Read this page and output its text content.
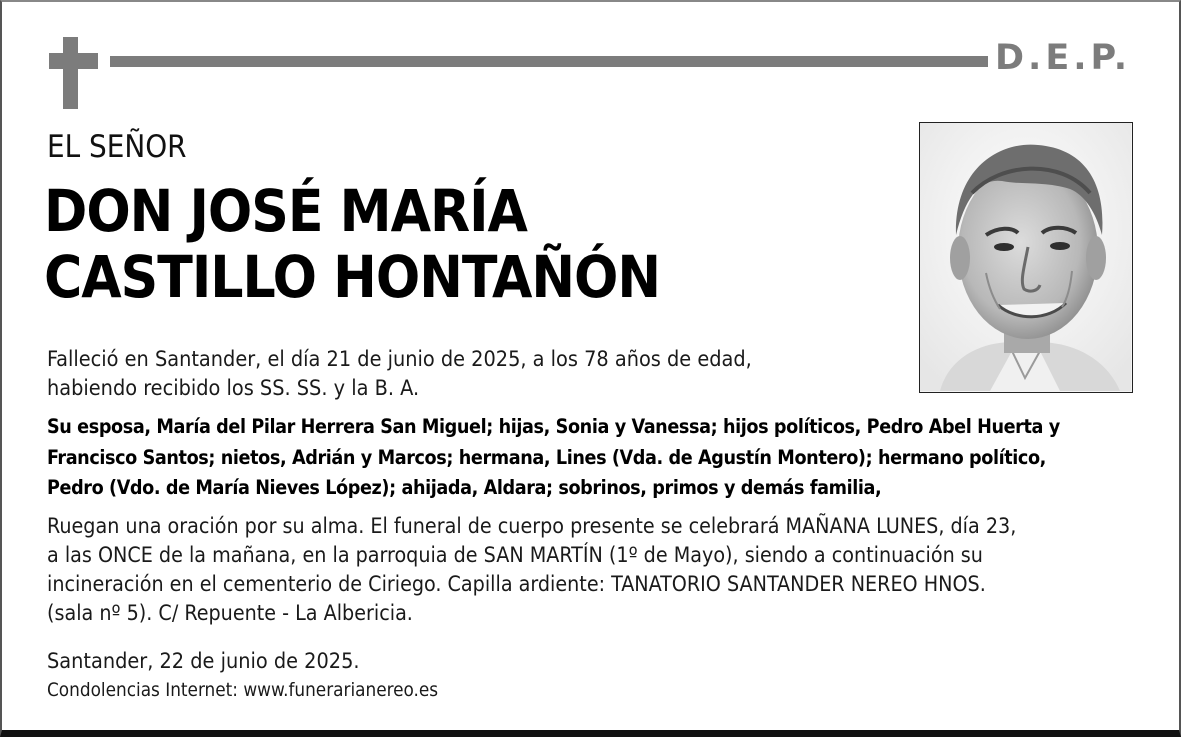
D.E.P.
EL SEÑOR
DON JOSÉ MARÍA
CASTILLO HONTAÑÓN
Falleció en Santander, el día 21 de junio de 2025, a los 78 años de edad,
habiendo recibido los SS. SS. y la B. A.
Su esposa, María del Pilar Herrera San Miguel; hijas, Sonia y Vanessa; hijos políticos, Pedro Abel Huerta y
Francisco Santos; nietos, Adrián y Marcos; hermana, Lines (Vda. de Agustín Montero); hermano político,
Pedro (Vdo. de María Nieves López); ahijada, Aldara; sobrinos, primos y demás familia,
Ruegan una oración por su alma. El funeral de cuerpo presente se celebrará MAÑANA LUNES, día 23,
a las ONCE de la mañana, en la parroquia de SAN MARTÍN (1º de Mayo), siendo a continuación su
incineración en el cementerio de Ciriego. Capilla ardiente: TANATORIO SANTANDER NEREO HNOS.
(sala nº 5). C/ Repuente - La Albericia.
Santander, 22 de junio de 2025.
Condolencias Internet: www.funerarianereo.es
